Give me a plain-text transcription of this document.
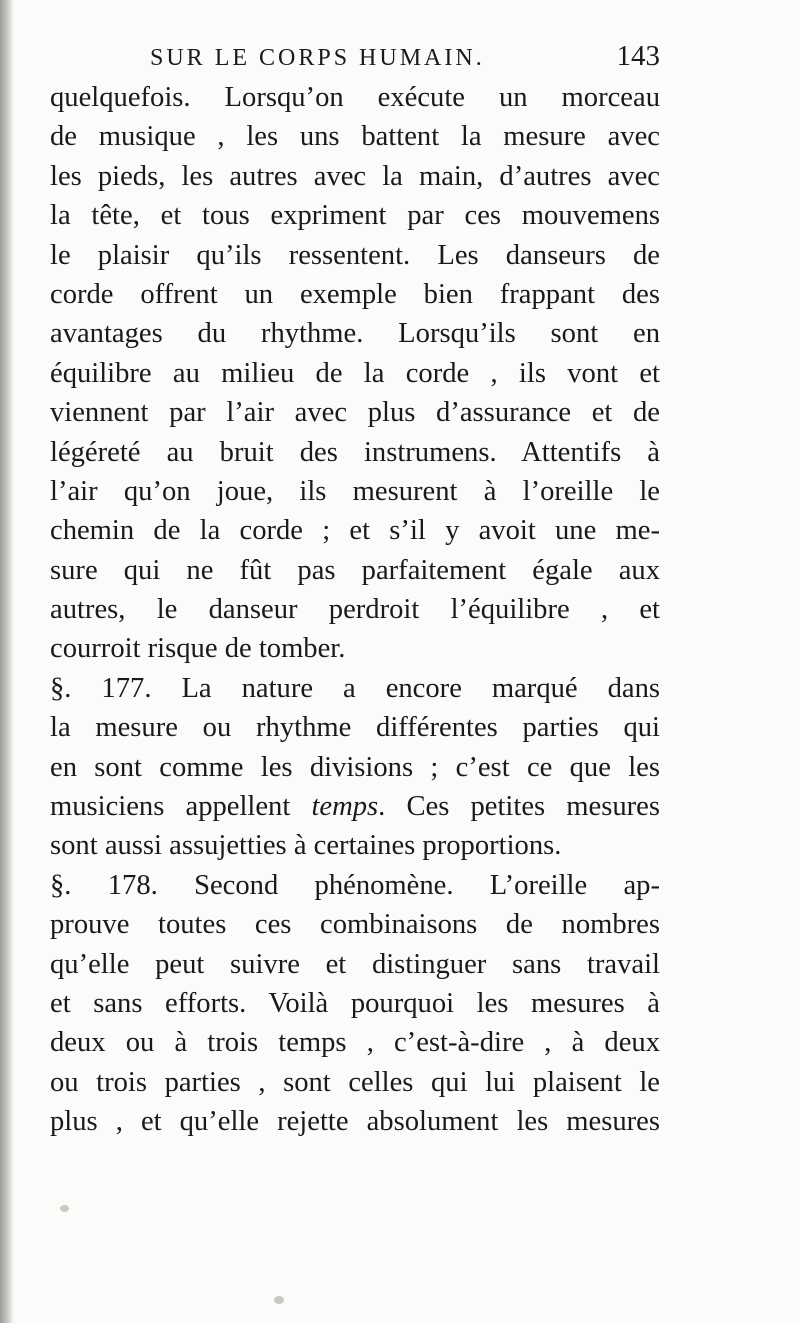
SUR LE CORPS HUMAIN.	143
quelquefois. Lorsqu’on exécute un morceau
de musique , les uns battent la mesure avec
les pieds, les autres avec la main, d’autres avec
la tête, et tous expriment par ces mouvemens
le plaisir qu’ils ressentent. Les danseurs de
corde offrent un exemple bien frappant des
avantages du rhythme. Lorsqu’ils sont en
équilibre au milieu de la corde , ils vont et
viennent par l’air avec plus d’assurance et de
légéreté au bruit des instrumens. Attentifs à
l’air qu’on joue, ils mesurent à l’oreille le
chemin de la corde ; et s’il y avoit une me-
sure qui ne fût pas parfaitement égale aux
autres, le danseur perdroit l’équilibre , et
courroit risque de tomber.
§. 177. La nature a encore marqué dans
la mesure ou rhythme différentes parties qui
en sont comme les divisions ; c’est ce que les
musiciens appellent temps. Ces petites mesures
sont aussi assujetties à certaines proportions.
§. 178. Second phénomène. L’oreille ap-
prouve toutes ces combinaisons de nombres
qu’elle peut suivre et distinguer sans travail
et sans efforts. Voilà pourquoi les mesures à
deux ou à trois temps , c’est-à-dire , à deux
ou trois parties , sont celles qui lui plaisent le
plus , et qu’elle rejette absolument les mesures
